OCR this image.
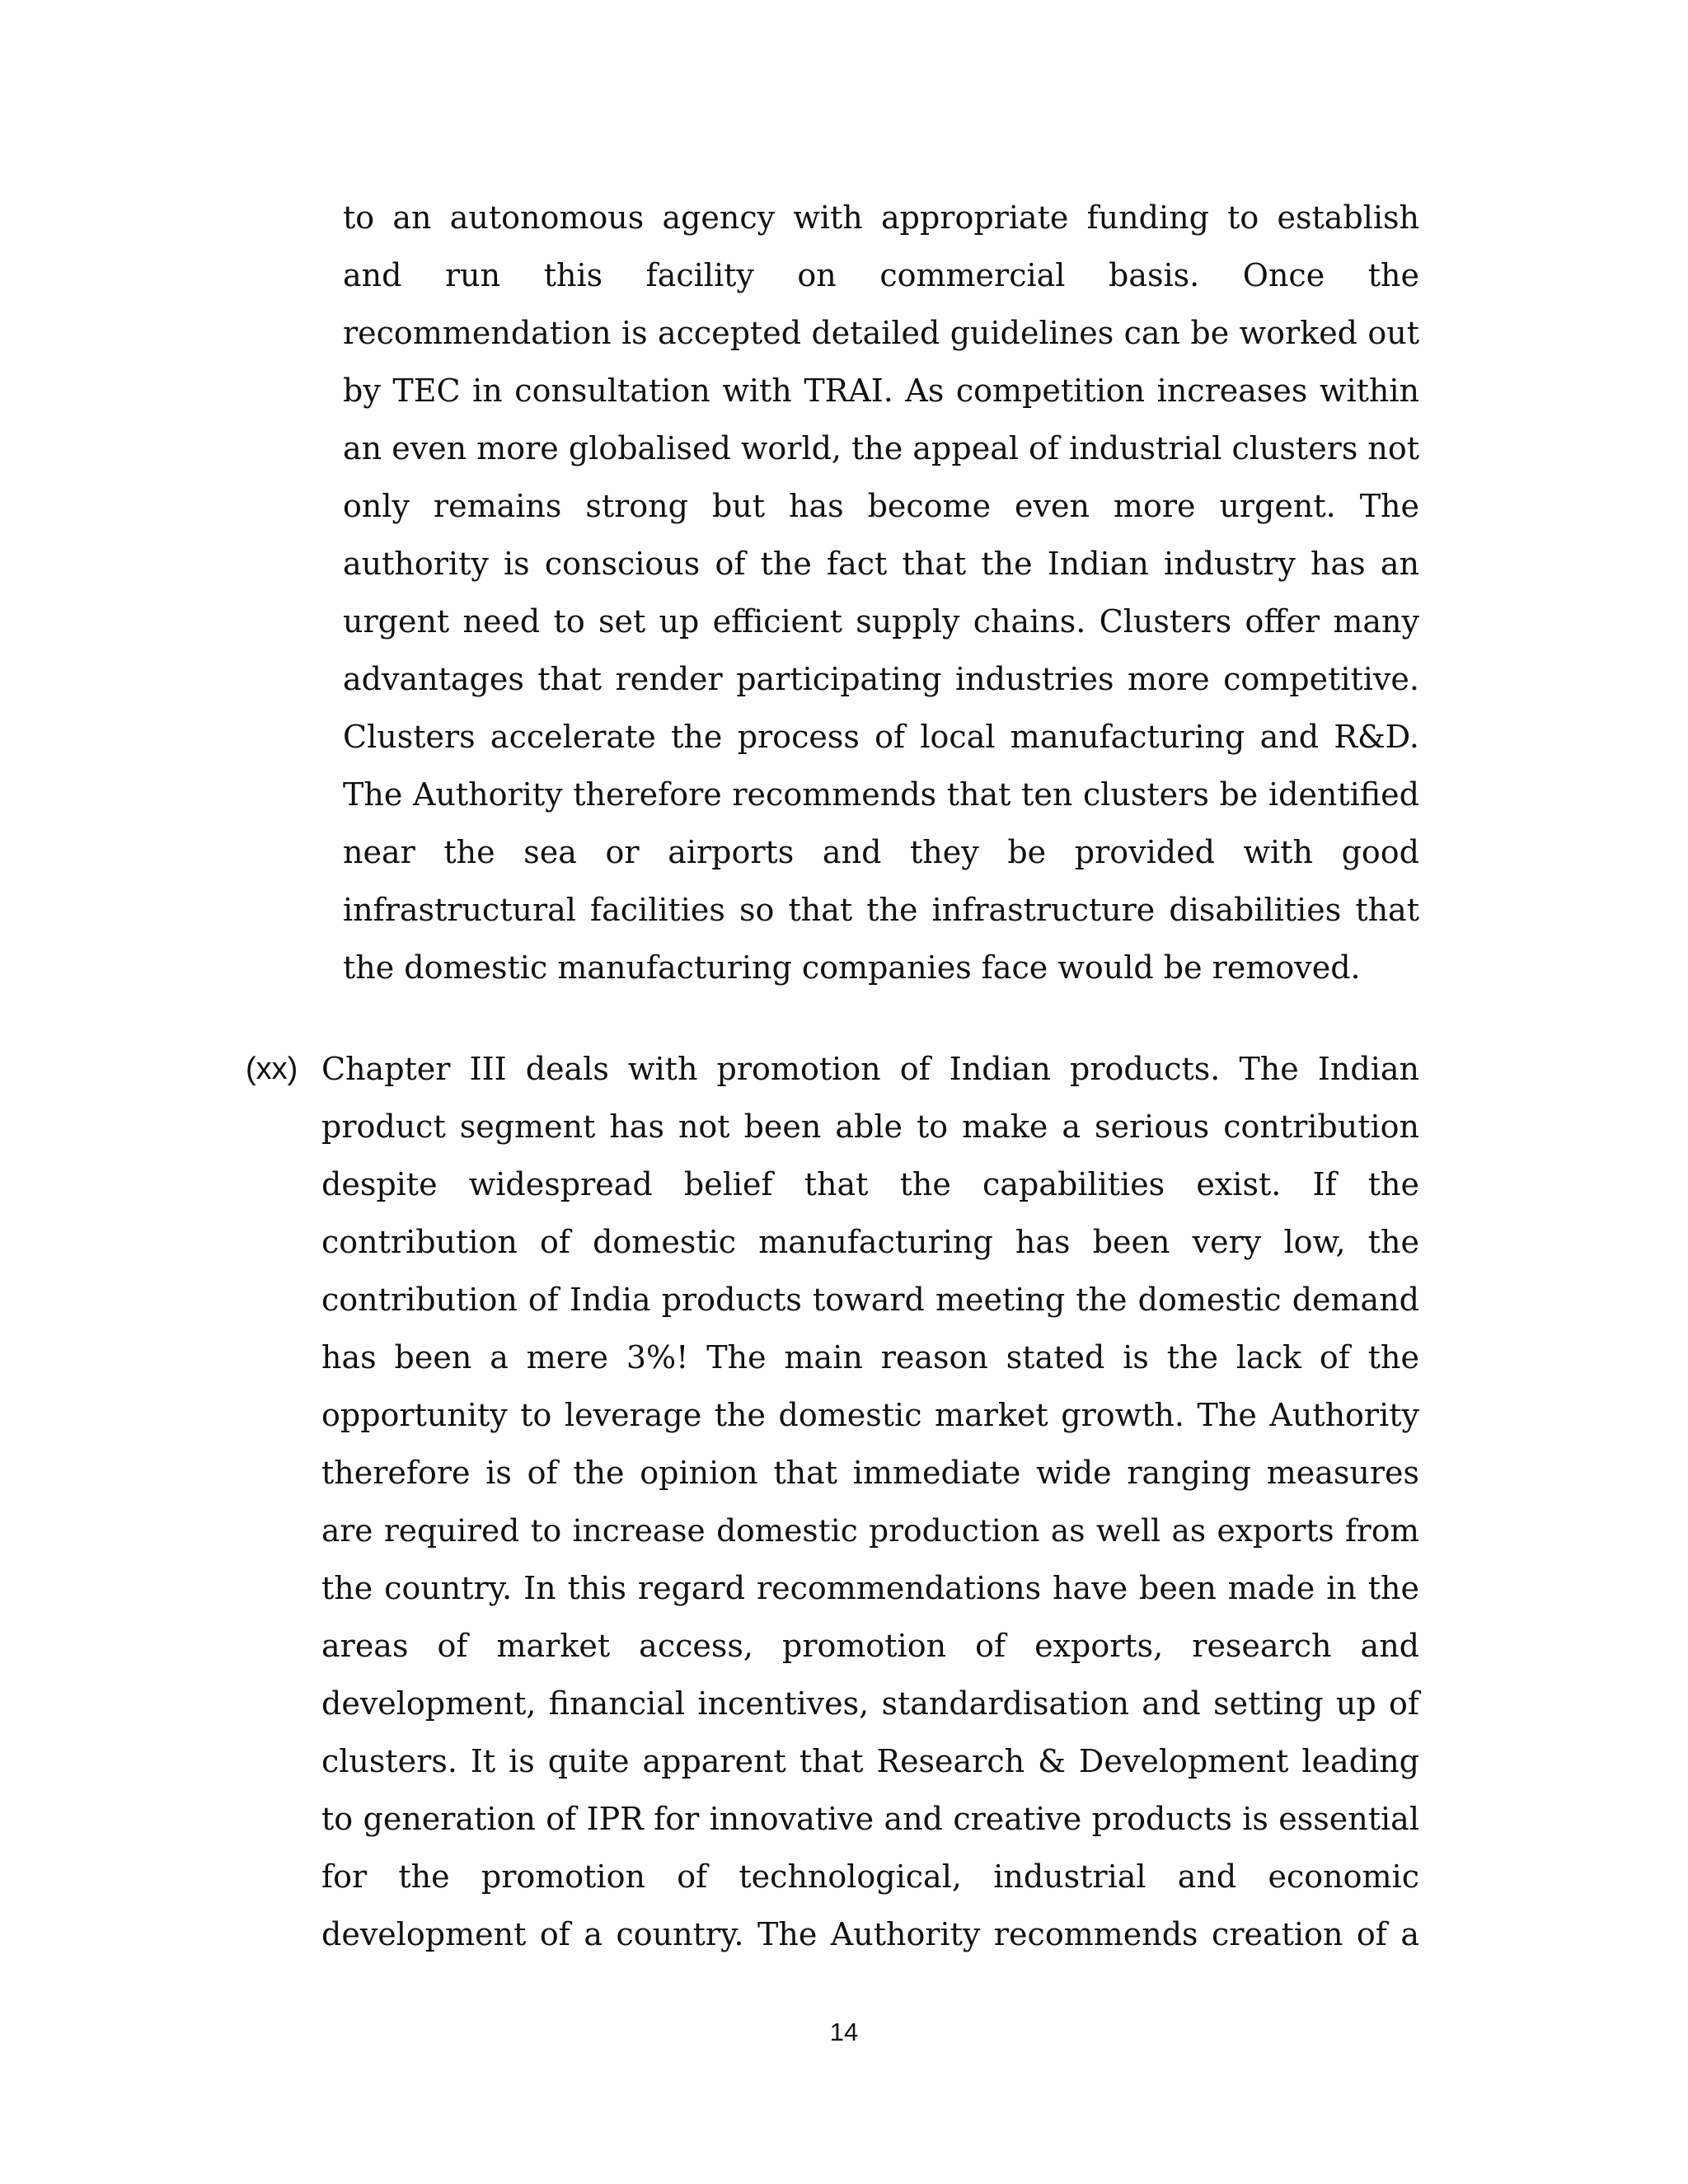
to an autonomous agency with appropriate funding to establish
and run this facility on commercial basis. Once the
recommendation is accepted detailed guidelines can be worked out
by TEC in consultation with TRAI. As competition increases within
an even more globalised world, the appeal of industrial clusters not
only remains strong but has become even more urgent. The
authority is conscious of the fact that the Indian industry has an
urgent need to set up efficient supply chains. Clusters offer many
advantages that render participating industries more competitive.
Clusters accelerate the process of local manufacturing and R&D.
The Authority therefore recommends that ten clusters be identified
near the sea or airports and they be provided with good
infrastructural facilities so that the infrastructure disabilities that
the domestic manufacturing companies face would be removed.
(xx) Chapter III deals with promotion of Indian products. The Indian
product segment has not been able to make a serious contribution
despite widespread belief that the capabilities exist. If the
contribution of domestic manufacturing has been very low, the
contribution of India products toward meeting the domestic demand
has been a mere 3%! The main reason stated is the lack of the
opportunity to leverage the domestic market growth. The Authority
therefore is of the opinion that immediate wide ranging measures
are required to increase domestic production as well as exports from
the country. In this regard recommendations have been made in the
areas of market access, promotion of exports, research and
development, financial incentives, standardisation and setting up of
clusters. It is quite apparent that Research & Development leading
to generation of IPR for innovative and creative products is essential
for the promotion of technological, industrial and economic
development of a country. The Authority recommends creation of a
14
